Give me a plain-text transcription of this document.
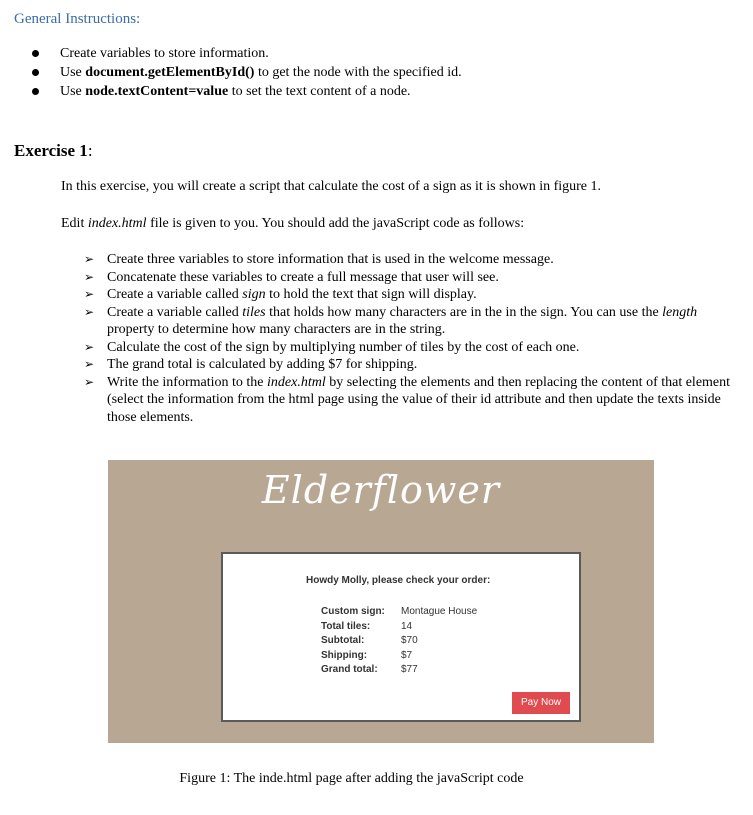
General Instructions:
Create variables to store information.
Use document.getElementById() to get the node with the specified id.
Use node.textContent=value to set the text content of a node.
Exercise 1:
In this exercise, you will create a script that calculate the cost of a sign as it is shown in figure 1.
Edit index.html file is given to you. You should add the javaScript code as follows:
➢ Create three variables to store information that is used in the welcome message.
➢ Concatenate these variables to create a full message that user will see.
➢ Create a variable called sign to hold the text that sign will display.
➢ Create a variable called tiles that holds how many characters are in the in the sign. You can use the length property to determine how many characters are in the string.
➢ Calculate the cost of the sign by multiplying number of tiles by the cost of each one.
➢ The grand total is calculated by adding $7 for shipping.
➢ Write the information to the index.html by selecting the elements and then replacing the content of that element (select the information from the html page using the value of their id attribute and then update the texts inside those elements.
Elderflower
Howdy Molly, please check your order:
Custom sign:	Montague House
Total tiles:	14
Subtotal:	$70
Shipping:	$7
Grand total:	$77
Pay Now
Figure 1: The inde.html page after adding the javaScript code
